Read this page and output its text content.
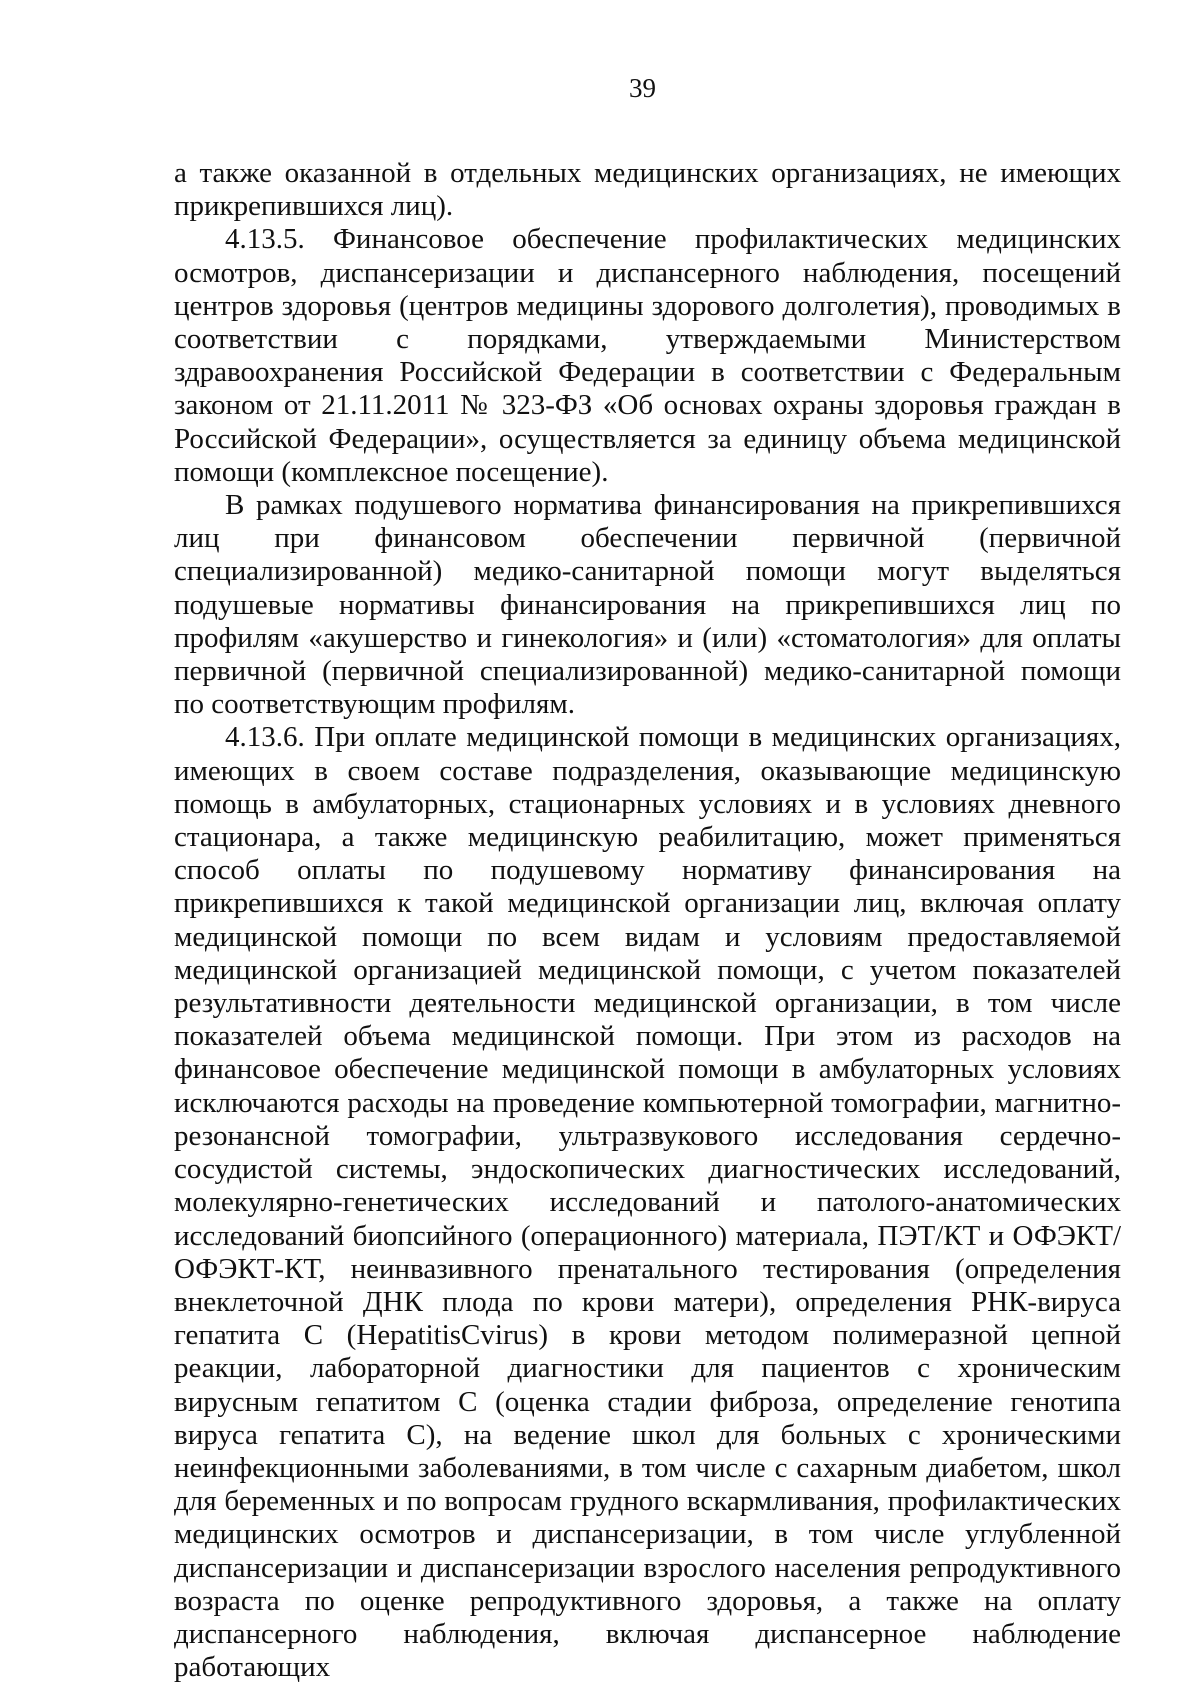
39

а также оказанной в отдельных медицинских организациях, не имеющих прикрепившихся лиц).

4.13.5. Финансовое обеспечение профилактических медицинских осмотров, диспансеризации и диспансерного наблюдения, посещений центров здоровья (центров медицины здорового долголетия), проводимых в соответствии с порядками, утверждаемыми Министерством здравоохранения Российской Федерации в соответствии с Федеральным законом от 21.11.2011 № 323-ФЗ «Об основах охраны здоровья граждан в Российской Федерации», осуществляется за единицу объема медицинской помощи (комплексное посещение).

В рамках подушевого норматива финансирования на прикрепившихся лиц при финансовом обеспечении первичной (первичной специализированной) медико-санитарной помощи могут выделяться подушевые нормативы финансирования на прикрепившихся лиц по профилям «акушерство и гинекология» и (или) «стоматология» для оплаты первичной (первичной специализированной) медико-санитарной помощи по соответствующим профилям.

4.13.6. При оплате медицинской помощи в медицинских организациях, имеющих в своем составе подразделения, оказывающие медицинскую помощь в амбулаторных, стационарных условиях и в условиях дневного стационара, а также медицинскую реабилитацию, может применяться способ оплаты по подушевому нормативу финансирования на прикрепившихся к такой медицинской организации лиц, включая оплату медицинской помощи по всем видам и условиям предоставляемой медицинской организацией медицинской помощи, с учетом показателей результативности деятельности медицинской организации, в том числе показателей объема медицинской помощи. При этом из расходов на финансовое обеспечение медицинской помощи в амбулаторных условиях исключаются расходы на проведение компьютерной томографии, магнитно-резонансной томографии, ультразвукового исследования сердечно-сосудистой системы, эндоскопических диагностических исследований, молекулярно-генетических исследований и патолого-анатомических исследований биопсийного (операционного) материала, ПЭТ/КТ и ОФЭКТ/ОФЭКТ-КТ, неинвазивного пренатального тестирования (определения внеклеточной ДНК плода по крови матери), определения РНК-вируса гепатита С (HepatitisCvirus) в крови методом полимеразной цепной реакции, лабораторной диагностики для пациентов с хроническим вирусным гепатитом С (оценка стадии фиброза, определение генотипа вируса гепатита С), на ведение школ для больных с хроническими неинфекционными заболеваниями, в том числе с сахарным диабетом, школ для беременных и по вопросам грудного вскармливания, профилактических медицинских осмотров и диспансеризации, в том числе углубленной диспансеризации и диспансеризации взрослого населения репродуктивного возраста по оценке репродуктивного здоровья, а также на оплату диспансерного наблюдения, включая диспансерное наблюдение работающих
